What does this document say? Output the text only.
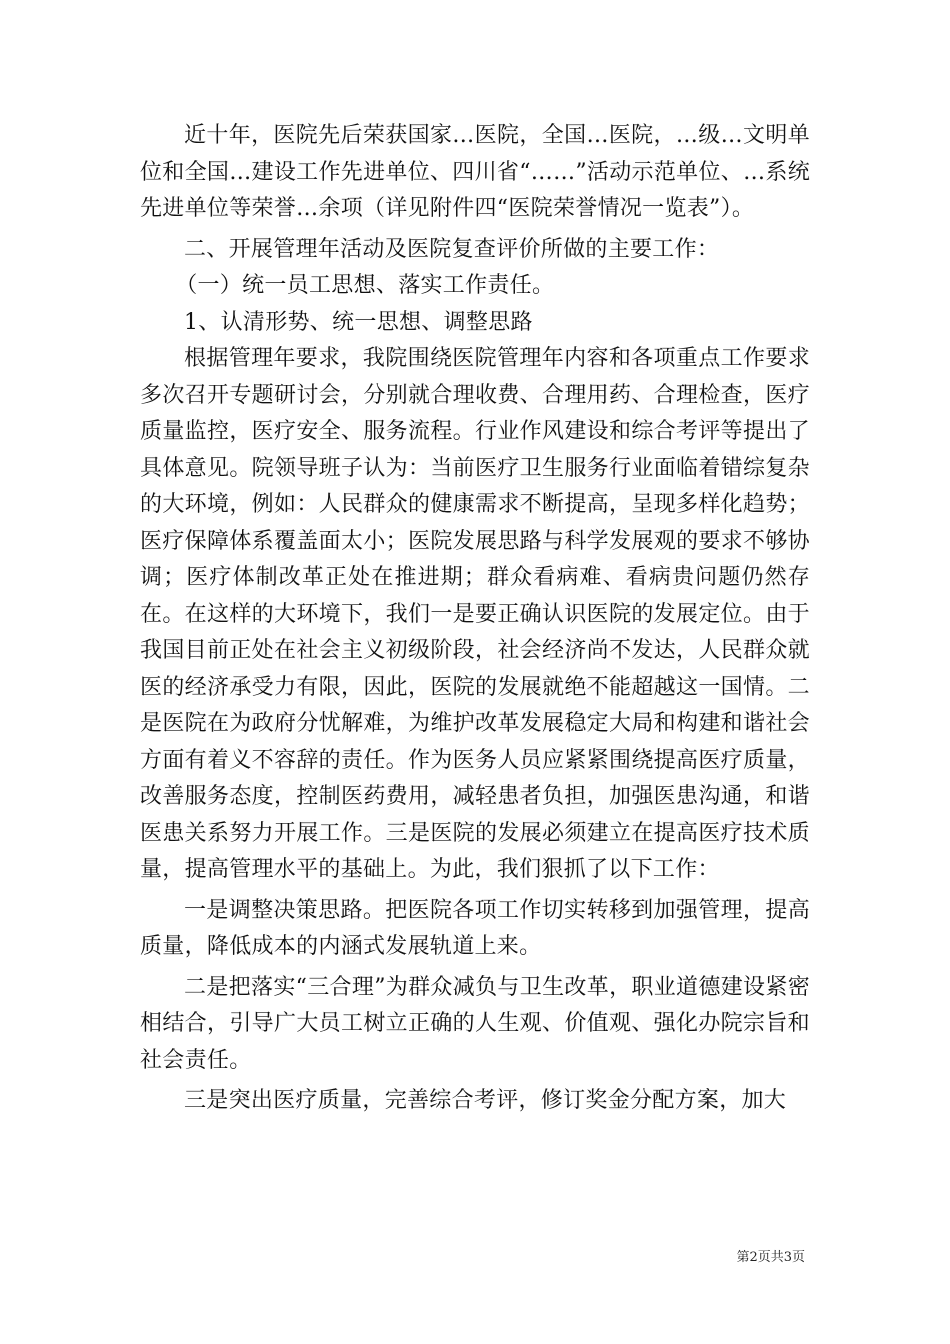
近十年，医院先后荣获国家…医院，全国…医院，…级…文明单位和全国…建设工作先进单位、四川省“……”活动示范单位、…系统先进单位等荣誉…余项（详见附件四“医院荣誉情况一览表”）。

二、开展管理年活动及医院复查评价所做的主要工作：

（一）统一员工思想、落实工作责任。

1、认清形势、统一思想、调整思路

根据管理年要求，我院围绕医院管理年内容和各项重点工作要求多次召开专题研讨会，分别就合理收费、合理用药、合理检查，医疗质量监控，医疗安全、服务流程。行业作风建设和综合考评等提出了具体意见。院领导班子认为：当前医疗卫生服务行业面临着错综复杂的大环境，例如：人民群众的健康需求不断提高，呈现多样化趋势；医疗保障体系覆盖面太小；医院发展思路与科学发展观的要求不够协调；医疗体制改革正处在推进期；群众看病难、看病贵问题仍然存在。在这样的大环境下，我们一是要正确认识医院的发展定位。由于我国目前正处在社会主义初级阶段，社会经济尚不发达，人民群众就医的经济承受力有限，因此，医院的发展就绝不能超越这一国情。二是医院在为政府分忧解难，为维护改革发展稳定大局和构建和谐社会方面有着义不容辞的责任。作为医务人员应紧紧围绕提高医疗质量，改善服务态度，控制医药费用，减轻患者负担，加强医患沟通，和谐医患关系努力开展工作。三是医院的发展必须建立在提高医疗技术质量，提高管理水平的基础上。为此，我们狠抓了以下工作：

一是调整决策思路。把医院各项工作切实转移到加强管理，提高质量，降低成本的内涵式发展轨道上来。

二是把落实“三合理”为群众减负与卫生改革，职业道德建设紧密相结合，引导广大员工树立正确的人生观、价值观、强化办院宗旨和社会责任。

三是突出医疗质量，完善综合考评，修订奖金分配方案，加大

第2页共3页
